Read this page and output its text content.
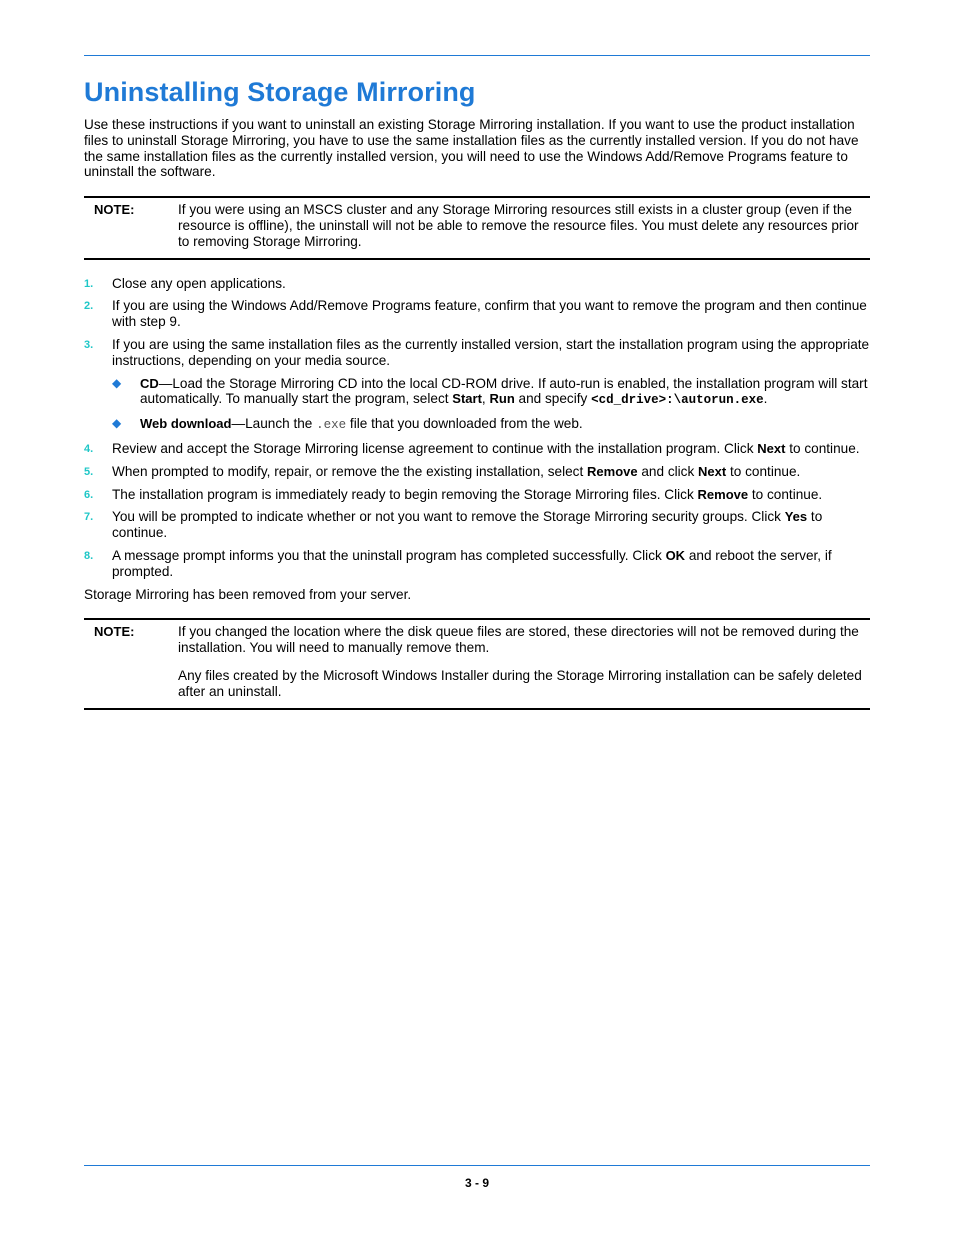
Uninstalling Storage Mirroring

Use these instructions if you want to uninstall an existing Storage Mirroring installation. If you want to use the product installation files to uninstall Storage Mirroring, you have to use the same installation files as the currently installed version. If you do not have the same installation files as the currently installed version, you will need to use the Windows Add/Remove Programs feature to uninstall the software.

NOTE:	If you were using an MSCS cluster and any Storage Mirroring resources still exists in a cluster group (even if the resource is offline), the uninstall will not be able to remove the resource files. You must delete any resources prior to removing Storage Mirroring.

1. Close any open applications.
2. If you are using the Windows Add/Remove Programs feature, confirm that you want to remove the program and then continue with step 9.
3. If you are using the same installation files as the currently installed version, start the installation program using the appropriate instructions, depending on your media source.
◆ CD—Load the Storage Mirroring CD into the local CD-ROM drive. If auto-run is enabled, the installation program will start automatically. To manually start the program, select Start, Run and specify <cd_drive>:\autorun.exe.
◆ Web download—Launch the .exe file that you downloaded from the web.
4. Review and accept the Storage Mirroring license agreement to continue with the installation program. Click Next to continue.
5. When prompted to modify, repair, or remove the the existing installation, select Remove and click Next to continue.
6. The installation program is immediately ready to begin removing the Storage Mirroring files. Click Remove to continue.
7. You will be prompted to indicate whether or not you want to remove the Storage Mirroring security groups. Click Yes to continue.
8. A message prompt informs you that the uninstall program has completed successfully. Click OK and reboot the server, if prompted.

Storage Mirroring has been removed from your server.

NOTE:	If you changed the location where the disk queue files are stored, these directories will not be removed during the installation. You will need to manually remove them.

Any files created by the Microsoft Windows Installer during the Storage Mirroring installation can be safely deleted after an uninstall.

3 - 9
